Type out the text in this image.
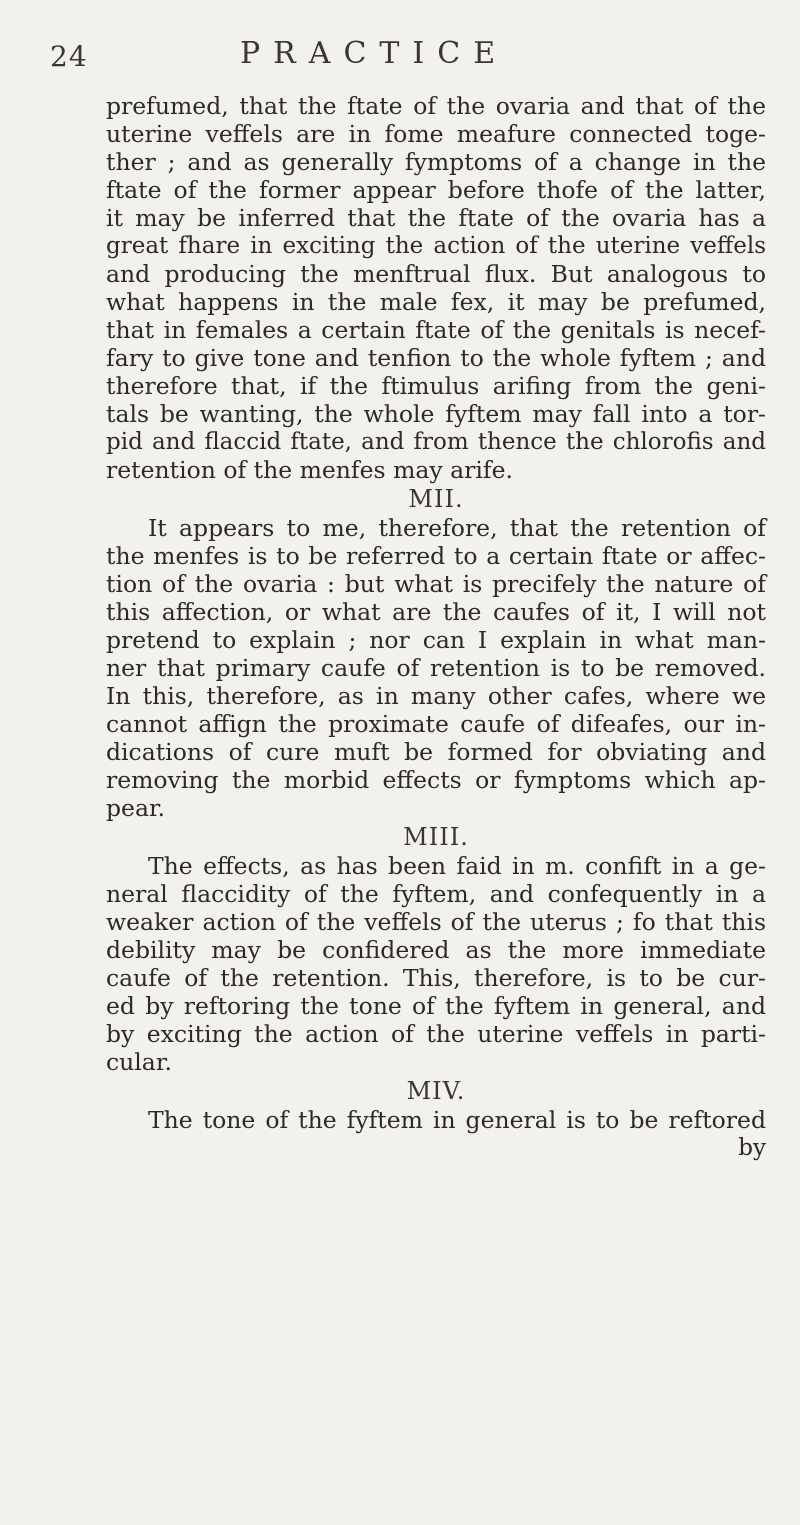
24	PRACTICE
prefumed, that the ftate of the ovaria and that of the
uterine veffels are in fome meafure connected toge-
ther ; and as generally fymptoms of a change in the
ftate of the former appear before thofe of the latter,
it may be inferred that the ftate of the ovaria has a
great fhare in exciting the action of the uterine veffels
and producing the menftrual flux. But analogous to
what happens in the male fex, it may be prefumed,
that in females a certain ftate of the genitals is necef-
fary to give tone and tenfion to the whole fyftem ; and
therefore that, if the ftimulus arifing from the geni-
tals be wanting, the whole fyftem may fall into a tor-
pid and flaccid ftate, and from thence the chlorofis and
retention of the menfes may arife.
MII.
It appears to me, therefore, that the retention of
the menfes is to be referred to a certain ftate or affec-
tion of the ovaria : but what is precifely the nature of
this affection, or what are the caufes of it, I will not
pretend to explain ; nor can I explain in what man-
ner that primary caufe of retention is to be removed.
In this, therefore, as in many other cafes, where we
cannot affign the proximate caufe of difeafes, our in-
dications of cure muft be formed for obviating and
removing the morbid effects or fymptoms which ap-
pear.
MIII.
The effects, as has been faid in m. confift in a ge-
neral flaccidity of the fyftem, and confequently in a
weaker action of the veffels of the uterus ; fo that this
debility may be confidered as the more immediate
caufe of the retention. This, therefore, is to be cur-
ed by reftoring the tone of the fyftem in general, and
by exciting the action of the uterine veffels in parti-
cular.
MIV.
The tone of the fyftem in general is to be reftored
by
